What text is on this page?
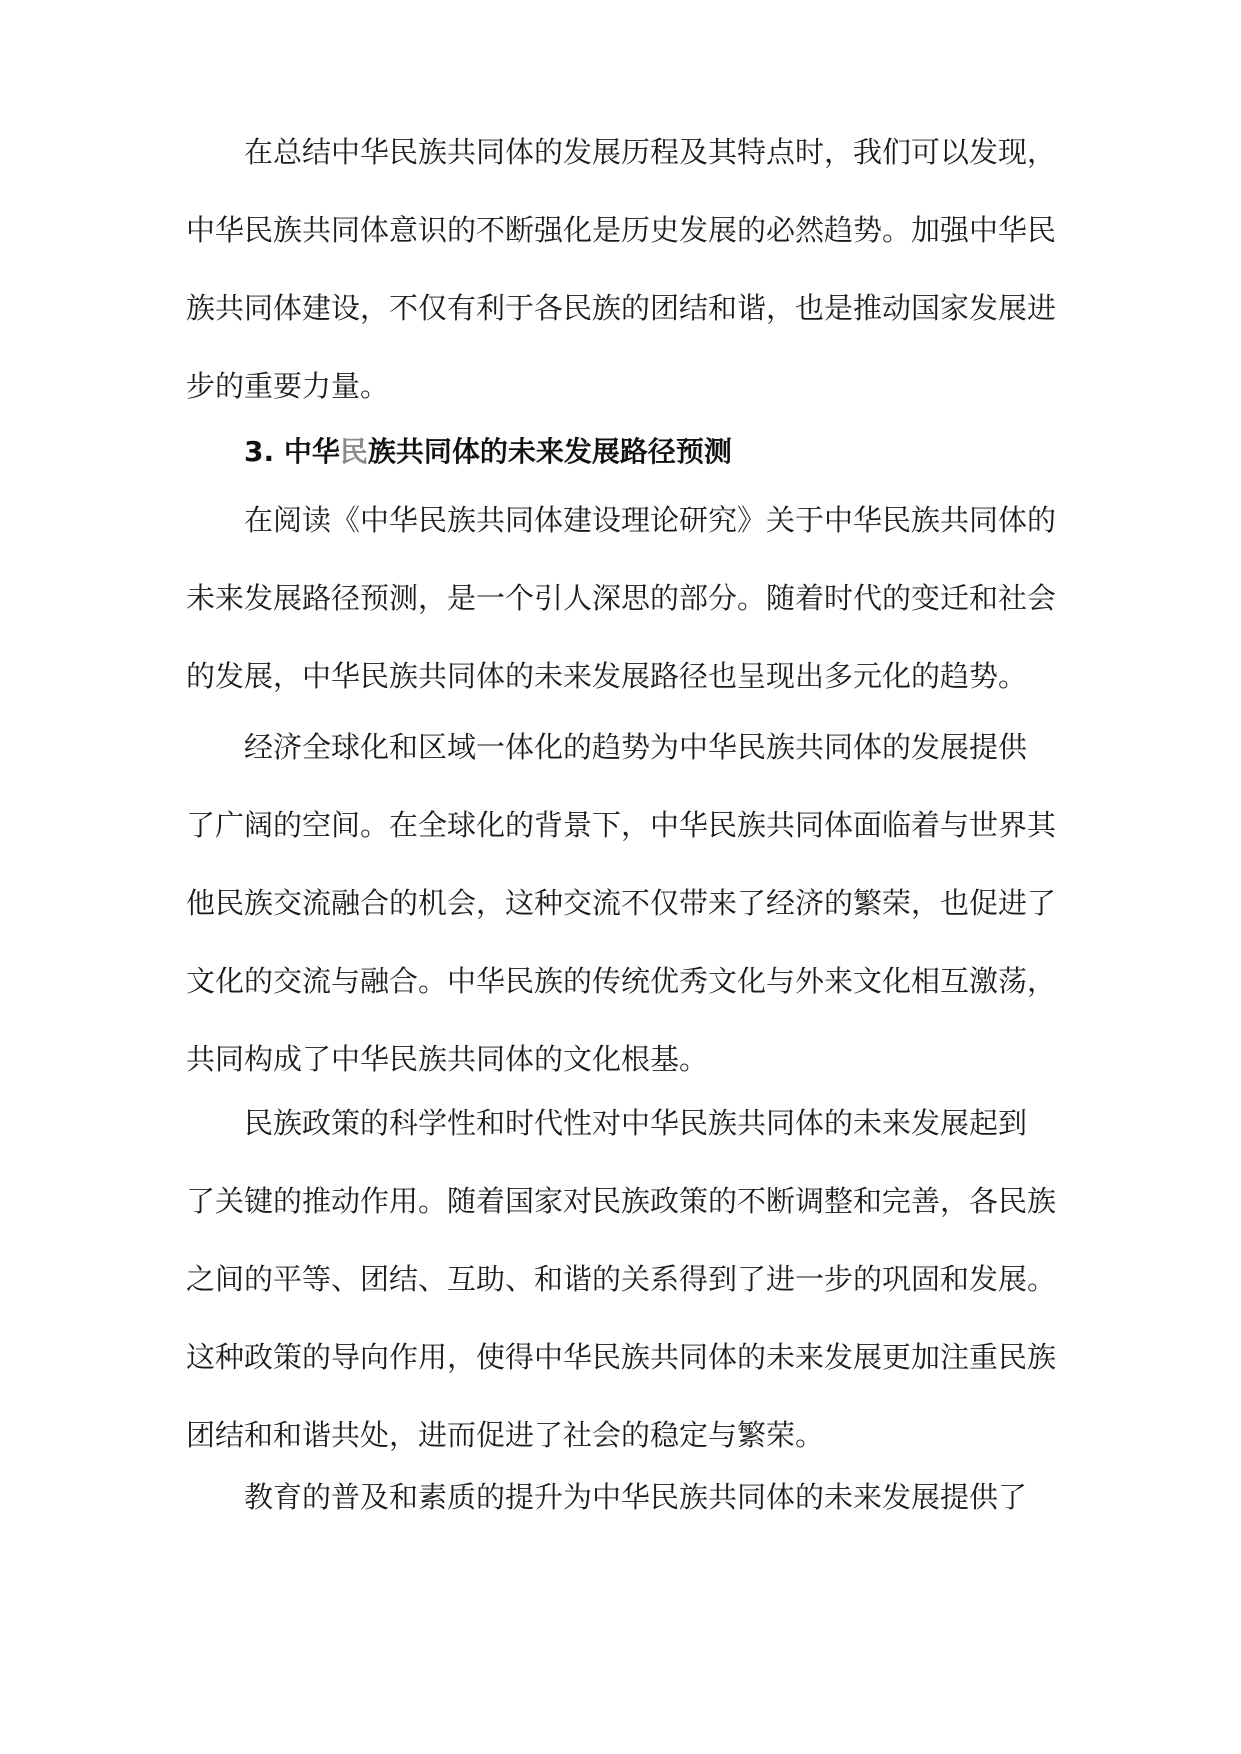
在总结中华民族共同体的发展历程及其特点时，我们可以发现，
中华民族共同体意识的不断强化是历史发展的必然趋势。加强中华民
族共同体建设，不仅有利于各民族的团结和谐，也是推动国家发展进
步的重要力量。
3. 中华民族共同体的未来发展路径预测
在阅读《中华民族共同体建设理论研究》关于中华民族共同体的
未来发展路径预测，是一个引人深思的部分。随着时代的变迁和社会
的发展，中华民族共同体的未来发展路径也呈现出多元化的趋势。
经济全球化和区域一体化的趋势为中华民族共同体的发展提供
了广阔的空间。在全球化的背景下，中华民族共同体面临着与世界其
他民族交流融合的机会，这种交流不仅带来了经济的繁荣，也促进了
文化的交流与融合。中华民族的传统优秀文化与外来文化相互激荡，
共同构成了中华民族共同体的文化根基。
民族政策的科学性和时代性对中华民族共同体的未来发展起到
了关键的推动作用。随着国家对民族政策的不断调整和完善，各民族
之间的平等、团结、互助、和谐的关系得到了进一步的巩固和发展。
这种政策的导向作用，使得中华民族共同体的未来发展更加注重民族
团结和和谐共处，进而促进了社会的稳定与繁荣。
教育的普及和素质的提升为中华民族共同体的未来发展提供了
